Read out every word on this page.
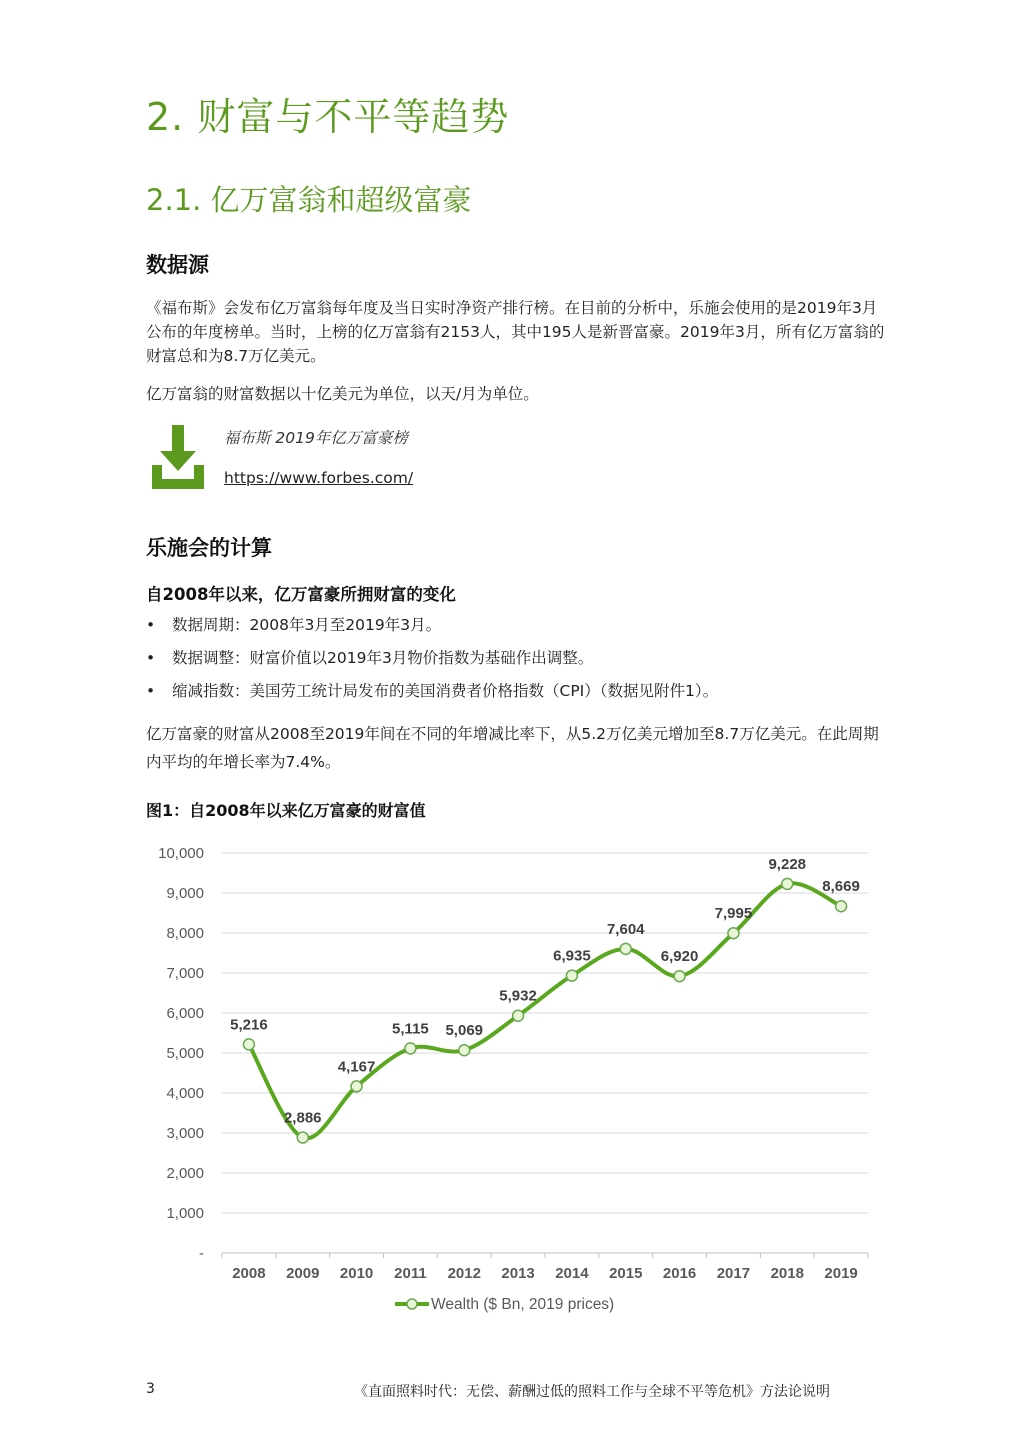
2. 财富与不平等趋势
2.1. 亿万富翁和超级富豪
数据源
《福布斯》会发布亿万富翁每年度及当日实时净资产排行榜。在目前的分析中，乐施会使用的是2019年3月公布的年度榜单。当时，上榜的亿万富翁有2153人，其中195人是新晋富豪。2019年3月，所有亿万富翁的财富总和为8.7万亿美元。
亿万富翁的财富数据以十亿美元为单位，以天/月为单位。
福布斯 2019年亿万富豪榜
https://www.forbes.com/
乐施会的计算
自2008年以来，亿万富豪所拥财富的变化
• 数据周期：2008年3月至2019年3月。
• 数据调整：财富价值以2019年3月物价指数为基础作出调整。
• 缩减指数：美国劳工统计局发布的美国消费者价格指数（CPI）（数据见附件1）。
亿万富豪的财富从2008至2019年间在不同的年增减比率下，从5.2万亿美元增加至8.7万亿美元。在此周期内平均的年增长率为7.4%。
图1：自2008年以来亿万富豪的财富值
-
1,000
2,000
3,000
4,000
5,000
6,000
7,000
8,000
9,000
10,000
2008 2009 2010 2011 2012 2013 2014 2015 2016 2017 2018 2019
5,216
2,886
4,167
5,115 5,069
5,932
6,935
7,604
6,920
7,995
9,228
8,669
Wealth ($ Bn, 2019 prices)
3	《直面照料时代：无偿、薪酬过低的照料工作与全球不平等危机》方法论说明
